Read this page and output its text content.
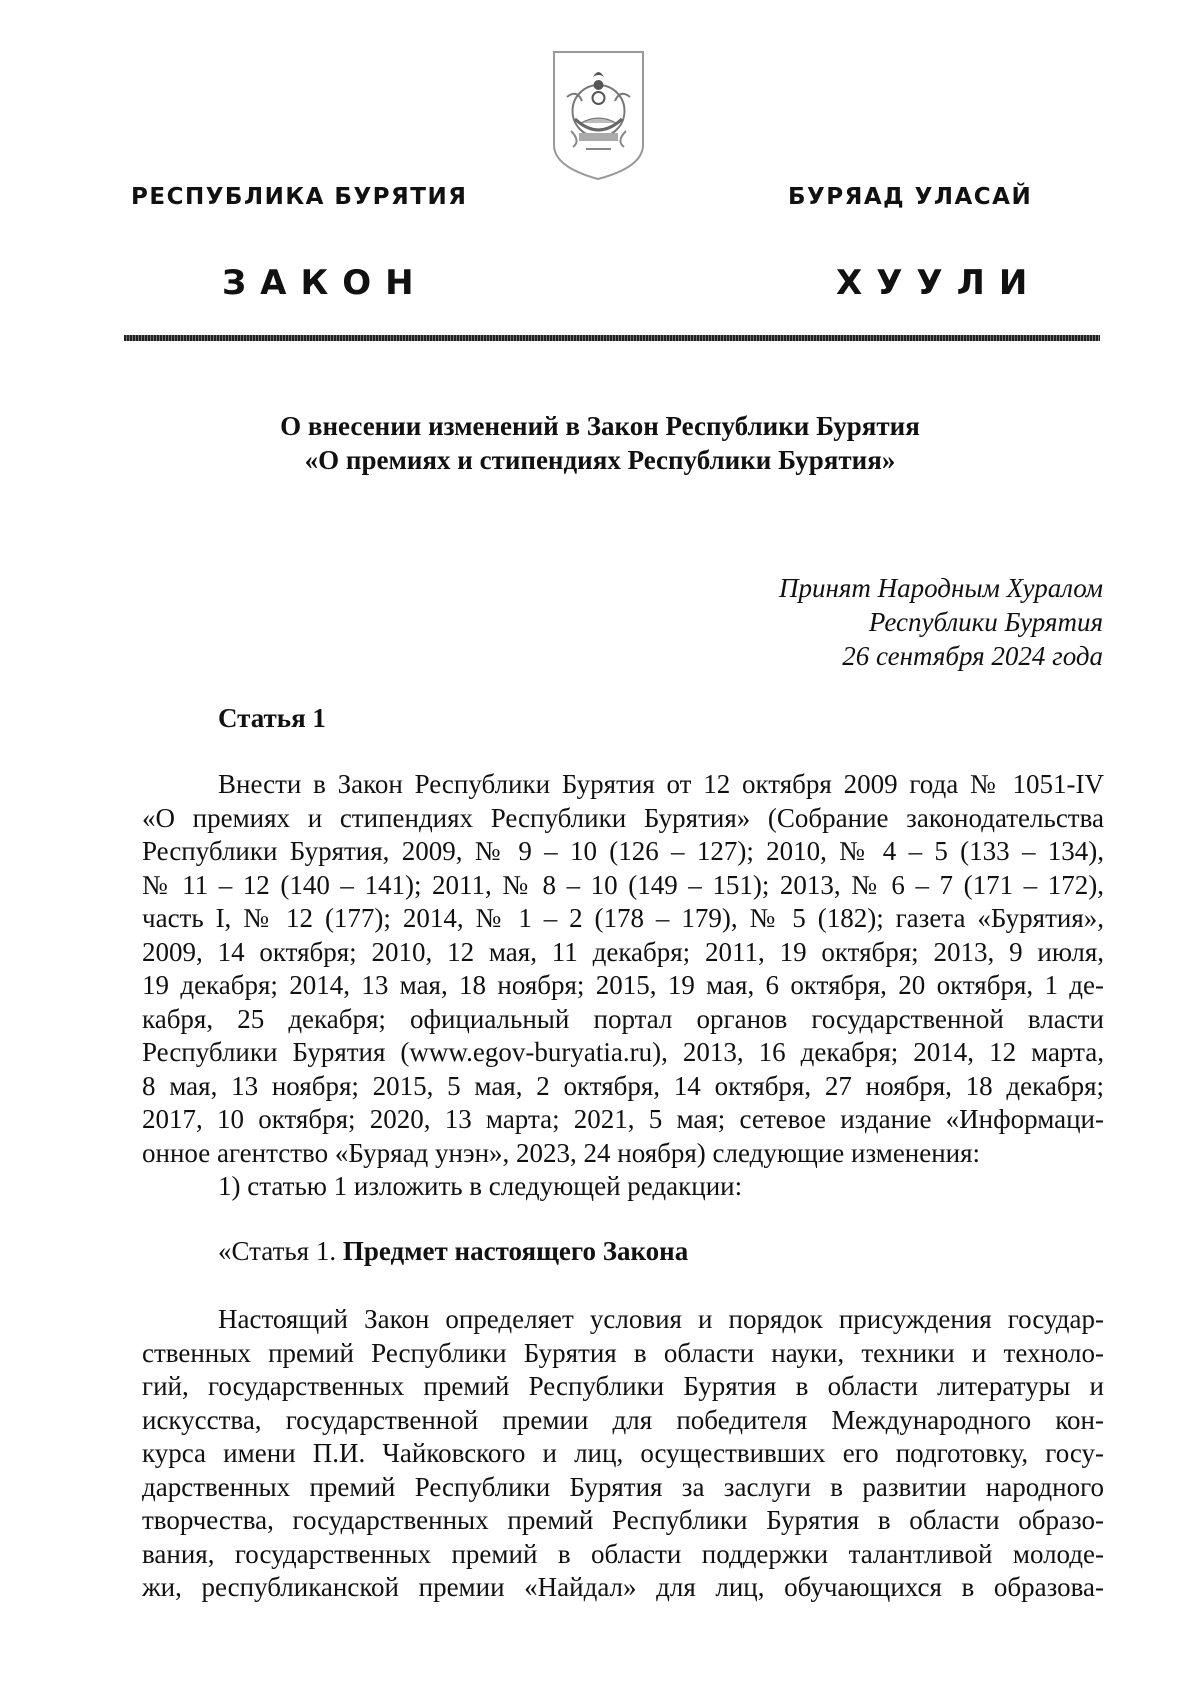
РЕСПУБЛИКА БУРЯТИЯ	БУРЯАД УЛАСАЙ
ЗАКОН	ХУУЛИ
О внесении изменений в Закон Республики Бурятия
«О премиях и стипендиях Республики Бурятия»
Принят Народным Хуралом
Республики Бурятия
26 сентября 2024 года
Статья 1
Внести в Закон Республики Бурятия от 12 октября 2009 года № 1051-IV
«О премиях и стипендиях Республики Бурятия» (Собрание законодательства
Республики Бурятия, 2009, № 9 – 10 (126 – 127); 2010, № 4 – 5 (133 – 134),
№ 11 – 12 (140 – 141); 2011, № 8 – 10 (149 – 151); 2013, № 6 – 7 (171 – 172),
часть I, № 12 (177); 2014, № 1 – 2 (178 – 179), № 5 (182); газета «Бурятия»,
2009, 14 октября; 2010, 12 мая, 11 декабря; 2011, 19 октября; 2013, 9 июля,
19 декабря; 2014, 13 мая, 18 ноября; 2015, 19 мая, 6 октября, 20 октября, 1 де-
кабря, 25 декабря; официальный портал органов государственной власти
Республики Бурятия (www.egov-buryatia.ru), 2013, 16 декабря; 2014, 12 марта,
8 мая, 13 ноября; 2015, 5 мая, 2 октября, 14 октября, 27 ноября, 18 декабря;
2017, 10 октября; 2020, 13 марта; 2021, 5 мая; сетевое издание «Информаци-
онное агентство «Буряад унэн», 2023, 24 ноября) следующие изменения:
1) статью 1 изложить в следующей редакции:
«Статья 1. Предмет настоящего Закона
Настоящий Закон определяет условия и порядок присуждения государ-
ственных премий Республики Бурятия в области науки, техники и техноло-
гий, государственных премий Республики Бурятия в области литературы и
искусства, государственной премии для победителя Международного кон-
курса имени П.И. Чайковского и лиц, осуществивших его подготовку, госу-
дарственных премий Республики Бурятия за заслуги в развитии народного
творчества, государственных премий Республики Бурятия в области образо-
вания, государственных премий в области поддержки талантливой молоде-
жи, республиканской премии «Найдал» для лиц, обучающихся в образова-
